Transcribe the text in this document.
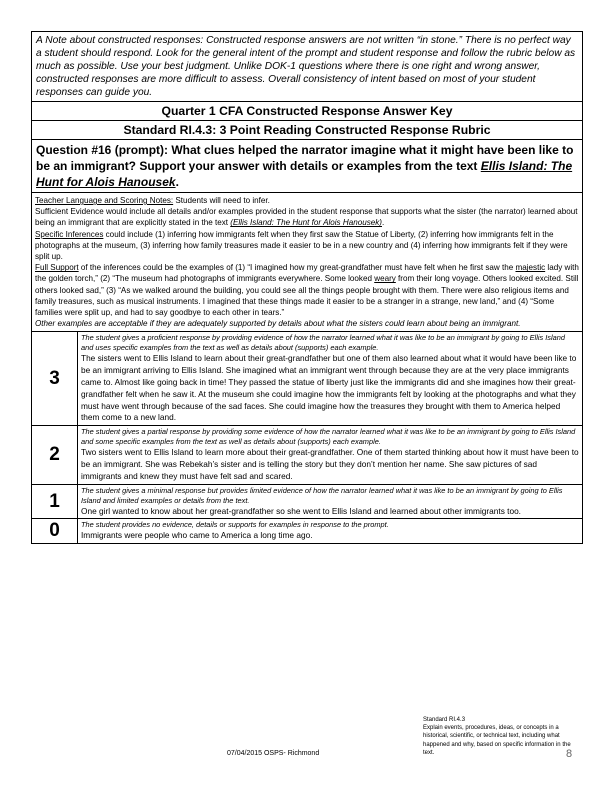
A Note about constructed responses: Constructed response answers are not written “in stone.” There is no perfect way a student should respond. Look for the general intent of the prompt and student response and follow the rubric below as much as possible. Use your best judgment. Unlike DOK-1 questions where there is one right and wrong answer, constructed responses are more difficult to assess. Overall consistency of intent based on most of your student responses can guide you.
Quarter 1 CFA Constructed Response Answer Key
Standard RI.4.3: 3 Point Reading Constructed Response Rubric
Question #16 (prompt): What clues helped the narrator imagine what it might have been like to be an immigrant? Support your answer with details or examples from the text Ellis Island: The Hunt for Alois Hanousek.
Teacher Language and Scoring Notes: Students will need to infer.
Sufficient Evidence would include all details and/or examples provided in the student response that supports what the sister (the narrator) learned about being an immigrant that are explicitly stated in the text (Ellis Island: The Hunt for Alois Hanousek).
Specific Inferences could include (1) inferring how immigrants felt when they first saw the Statue of Liberty, (2) inferring how immigrants felt in the photographs at the museum, (3) inferring how family treasures made it easier to be in a new country and (4) inferring how immigrants felt if they were split up.
Full Support of the inferences could be the examples of (1) “I imagined how my great-grandfather must have felt when he first saw the majestic lady with the golden torch,” (2) “The museum had photographs of immigrants everywhere. Some looked weary from their long voyage. Others looked excited. Still others looked sad,” (3) “As we walked around the building, you could see all the things people brought with them. There were also religious items and family treasures, such as musical instruments. I imagined that these things made it easier to be a stranger in a strange, new land,” and (4) “Some families were split up, and had to say goodbye to each other in tears.”
Other examples are acceptable if they are adequately supported by details about what the sisters could learn about being an immigrant.
3
The student gives a proficient response by providing evidence of how the narrator learned what it was like to be an immigrant by going to Ellis Island and uses specific examples from the text as well as details about (supports) each example.
The sisters went to Ellis Island to learn about their great-grandfather but one of them also learned about what it would have been like to be an immigrant arriving to Ellis Island. She imagined what an immigrant went through because they are at the very place immigrants came to. Almost like going back in time! They passed the statue of liberty just like the immigrants did and she imagines how their great-grandfather felt when he saw it. At the museum she could imagine how the immigrants felt by looking at the photographs and what they must have went through because of the sad faces. She could imagine how the treasures they brought with them to America helped them come to a new land.
2
The student gives a partial response by providing some evidence of how the narrator learned what it was like to be an immigrant by going to Ellis Island and some specific examples from the text as well as details about (supports) each example.
Two sisters went to Ellis Island to learn more about their great-grandfather. One of them started thinking about how it must have been to be an immigrant. She was Rebekah’s sister and is telling the story but they don’t mention her name. She saw pictures of sad immigrants and knew they must have felt sad and scared.
1
The student gives a minimal response but provides limited evidence of how the narrator learned what it was like to be an immigrant by going to Ellis Island and limited examples or details from the text.
One girl wanted to know about her great-grandfather so she went to Ellis Island and learned about other immigrants too.
0	The student provides no evidence, details or supports for examples in response to the prompt.
Immigrants were people who came to America a long time ago.
Standard RI.4.3
Explain events, procedures, ideas, or concepts in a historical, scientific, or technical text, including what happened and why, based on specific information in the text.
07/04/2015 OSPS- Richmond	8
